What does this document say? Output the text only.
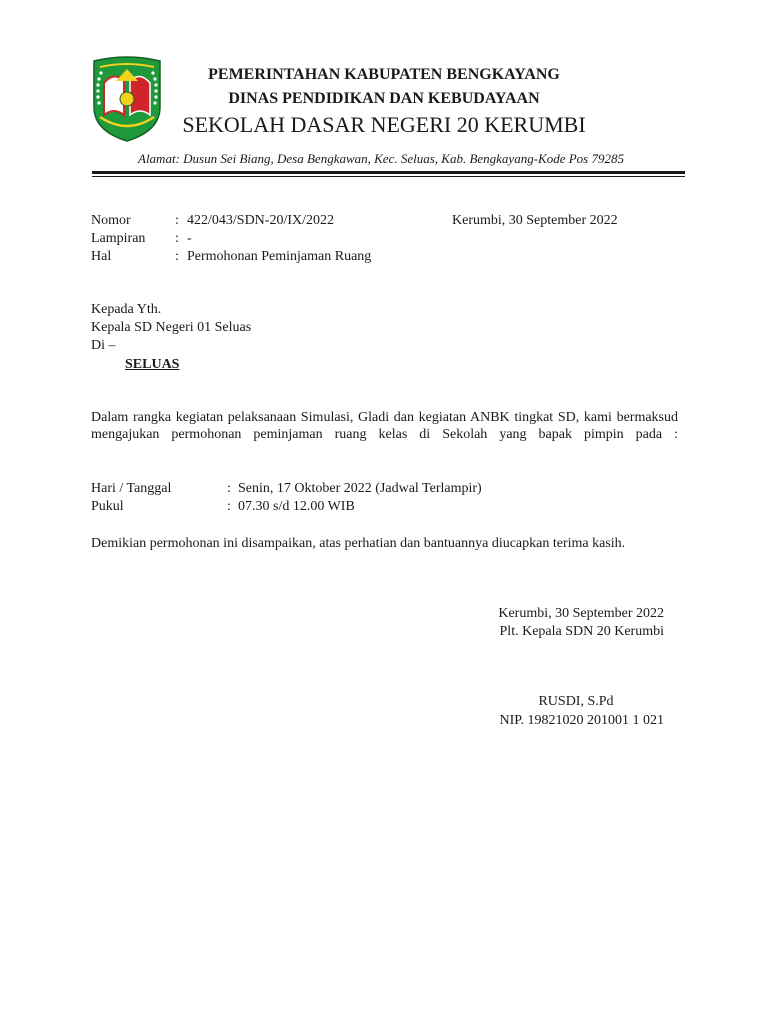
PEMERINTAHAN KABUPATEN BENGKAYANG
DINAS PENDIDIKAN DAN KEBUDAYAAN
SEKOLAH DASAR NEGERI 20 KERUMBI
Alamat: Dusun Sei Biang, Desa Bengkawan, Kec. Seluas, Kab. Bengkayang-Kode Pos 79285
Nomor	: 422/043/SDN-20/IX/2022	Kerumbi, 30 September 2022
Lampiran : -
Hal	: Permohonan Peminjaman Ruang
Kepada Yth.
Kepala SD Negeri 01 Seluas
Di –
SELUAS
Dalam rangka kegiatan pelaksanaan Simulasi, Gladi dan kegiatan ANBK tingkat SD, kami bermaksud mengajukan permohonan peminjaman ruang kelas di Sekolah yang bapak pimpin pada :
Hari / Tanggal	: Senin, 17 Oktober 2022 (Jadwal Terlampir)
Pukul	: 07.30 s/d 12.00 WIB
Demikian permohonan ini disampaikan, atas perhatian dan bantuannya diucapkan terima kasih.
Kerumbi, 30 September 2022
Plt. Kepala SDN 20 Kerumbi
RUSDI, S.Pd
NIP. 19821020 201001 1 021
